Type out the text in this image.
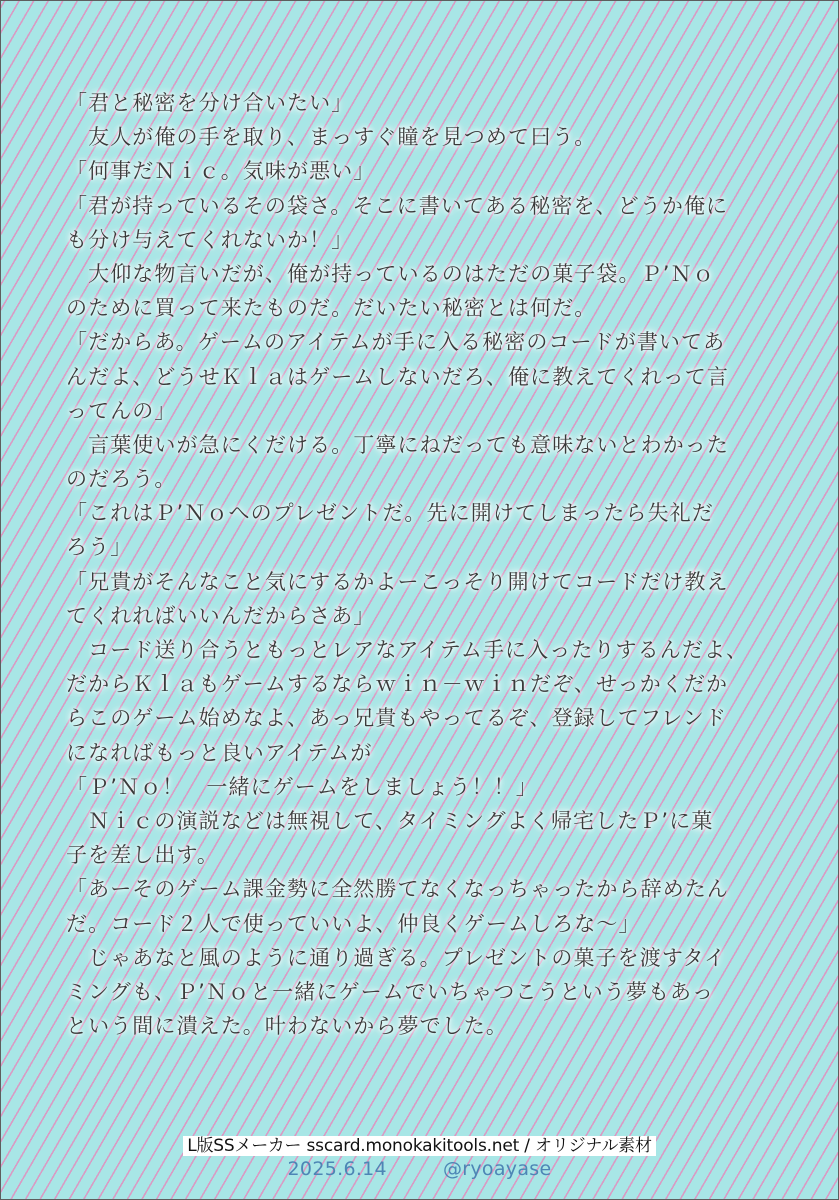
「君と秘密を分け合いたい」
　友人が俺の手を取り、まっすぐ瞳を見つめて曰う。
「何事だＮｉｃ。気味が悪い」
「君が持っているその袋さ。そこに書いてある秘密を、どうか俺に
も分け与えてくれないか！」
　大仰な物言いだが、俺が持っているのはただの菓子袋。Ｐ’Ｎｏ
のために買って来たものだ。だいたい秘密とは何だ。
「だからあ。ゲームのアイテムが手に入る秘密のコードが書いてあ
んだよ、どうせＫｌａはゲームしないだろ、俺に教えてくれって言
ってんの」
　言葉使いが急にくだける。丁寧にねだっても意味ないとわかった
のだろう。
「これはＰ’Ｎｏへのプレゼントだ。先に開けてしまったら失礼だ
ろう」
「兄貴がそんなこと気にするかよーこっそり開けてコードだけ教え
てくれればいいんだからさあ」
　コード送り合うともっとレアなアイテム手に入ったりするんだよ、
だからＫｌａもゲームするならｗｉｎ－ｗｉｎだぞ、せっかくだか
らこのゲーム始めなよ、あっ兄貴もやってるぞ、登録してフレンド
になればもっと良いアイテムが
「Ｐ’Ｎｏ！　一緒にゲームをしましょう！！」
　Ｎｉｃの演説などは無視して、タイミングよく帰宅したＰ’に菓
子を差し出す。
「あーそのゲーム課金勢に全然勝てなくなっちゃったから辞めたん
だ。コード２人で使っていいよ、仲良くゲームしろな～」
　じゃあなと風のように通り過ぎる。プレゼントの菓子を渡すタイ
ミングも、Ｐ’Ｎｏと一緒にゲームでいちゃつこうという夢もあっ
という間に潰えた。叶わないから夢でした。
L版SSメーカー sscard.monokakitools.net / オリジナル素材
2025.6.14	@ryoayase
